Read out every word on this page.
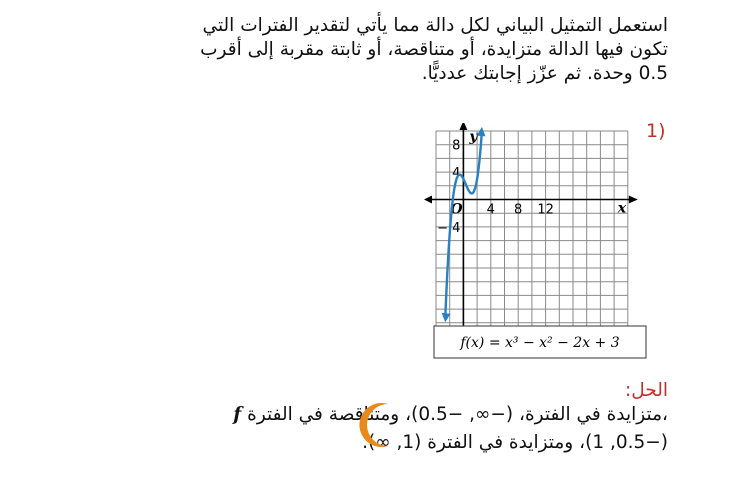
استعمل التمثيل البياني لكل دالة مما يأتي لتقدير الفترات التي
تكون فيها الدالة متزايدة، أو متناقصة، أو ثابتة مقربة إلى أقرب
0.5 وحدة. ثم عزّز إجابتك عدديًّا.
1)
y
x
O 4 8 12
8
4
− 4
f(x) = x³ − x² − 2x + 3
الحل:
f متزايدة في الفترة، (−∞, −0.5)، ومتناقصة في الفترة،
(−0.5, 1)، ومتزايدة في الفترة (1, ∞).
